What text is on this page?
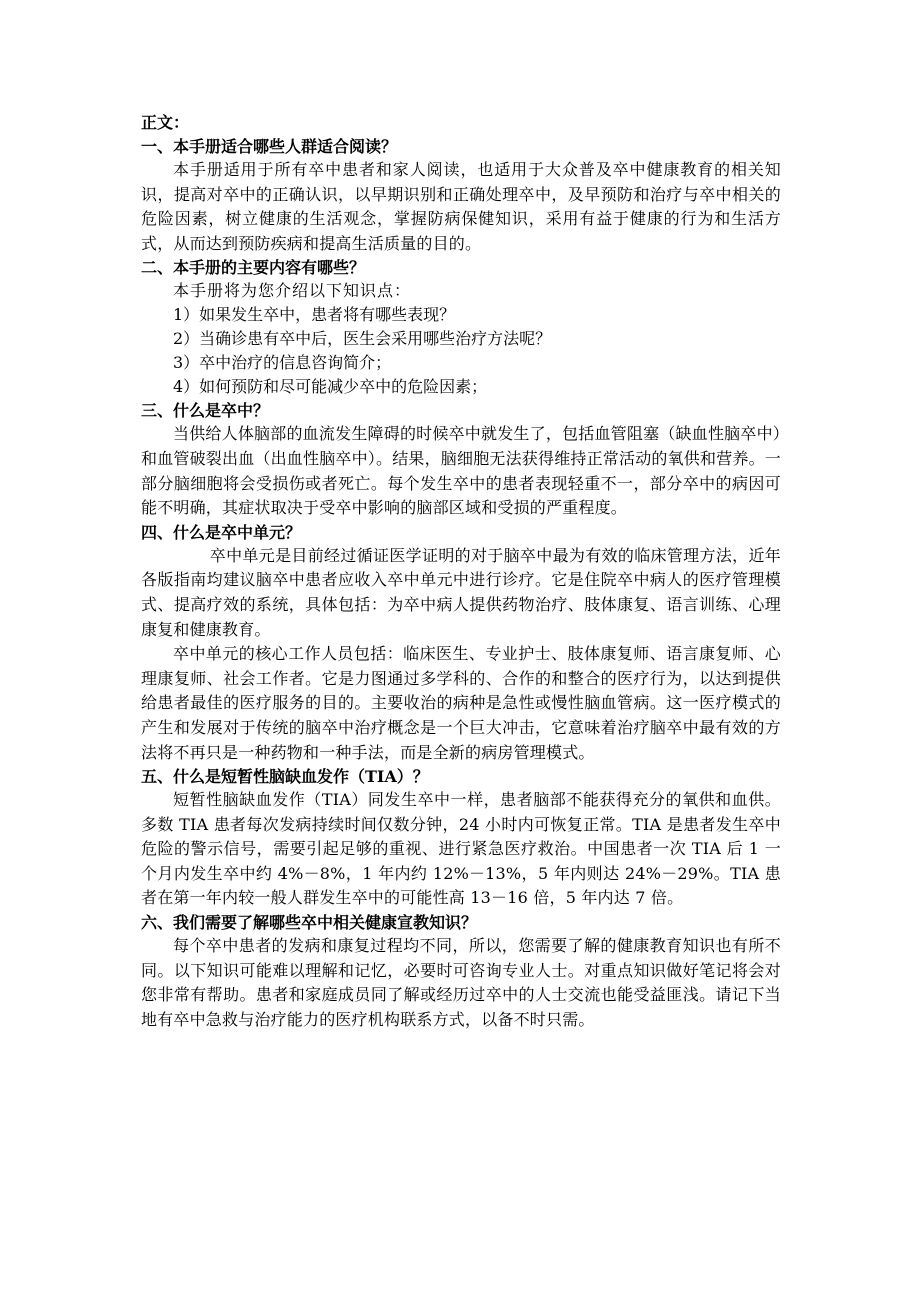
正文：

一、本手册适合哪些人群适合阅读？

本手册适用于所有卒中患者和家人阅读，也适用于大众普及卒中健康教育的相关知识，提高对卒中的正确认识，以早期识别和正确处理卒中，及早预防和治疗与卒中相关的危险因素，树立健康的生活观念，掌握防病保健知识，采用有益于健康的行为和生活方式，从而达到预防疾病和提高生活质量的目的。

二、本手册的主要内容有哪些？

本手册将为您介绍以下知识点：

1）如果发生卒中，患者将有哪些表现？

2）当确诊患有卒中后，医生会采用哪些治疗方法呢？

3）卒中治疗的信息咨询简介；

4）如何预防和尽可能减少卒中的危险因素；

三、什么是卒中？

当供给人体脑部的血流发生障碍的时候卒中就发生了，包括血管阻塞（缺血性脑卒中）和血管破裂出血（出血性脑卒中）。结果，脑细胞无法获得维持正常活动的氧供和营养。一部分脑细胞将会受损伤或者死亡。每个发生卒中的患者表现轻重不一，部分卒中的病因可能不明确，其症状取决于受卒中影响的脑部区域和受损的严重程度。

四、什么是卒中单元？

卒中单元是目前经过循证医学证明的对于脑卒中最为有效的临床管理方法，近年各版指南均建议脑卒中患者应收入卒中单元中进行诊疗。它是住院卒中病人的医疗管理模式、提高疗效的系统，具体包括：为卒中病人提供药物治疗、肢体康复、语言训练、心理康复和健康教育。

卒中单元的核心工作人员包括：临床医生、专业护士、肢体康复师、语言康复师、心理康复师、社会工作者。它是力图通过多学科的、合作的和整合的医疗行为，以达到提供给患者最佳的医疗服务的目的。主要收治的病种是急性或慢性脑血管病。这一医疗模式的产生和发展对于传统的脑卒中治疗概念是一个巨大冲击，它意味着治疗脑卒中最有效的方法将不再只是一种药物和一种手法，而是全新的病房管理模式。

五、什么是短暂性脑缺血发作（TIA）？

短暂性脑缺血发作（TIA）同发生卒中一样，患者脑部不能获得充分的氧供和血供。多数 TIA 患者每次发病持续时间仅数分钟，24 小时内可恢复正常。TIA 是患者发生卒中危险的警示信号，需要引起足够的重视、进行紧急医疗救治。中国患者一次 TIA 后 1 一个月内发生卒中约 4%－8%，1 年内约 12%－13%，5 年内则达 24%－29%。TIA 患者在第一年内较一般人群发生卒中的可能性高 13－16 倍，5 年内达 7 倍。

六、我们需要了解哪些卒中相关健康宣教知识？

每个卒中患者的发病和康复过程均不同，所以，您需要了解的健康教育知识也有所不同。以下知识可能难以理解和记忆，必要时可咨询专业人士。对重点知识做好笔记将会对您非常有帮助。患者和家庭成员同了解或经历过卒中的人士交流也能受益匪浅。请记下当地有卒中急救与治疗能力的医疗机构联系方式，以备不时只需。
